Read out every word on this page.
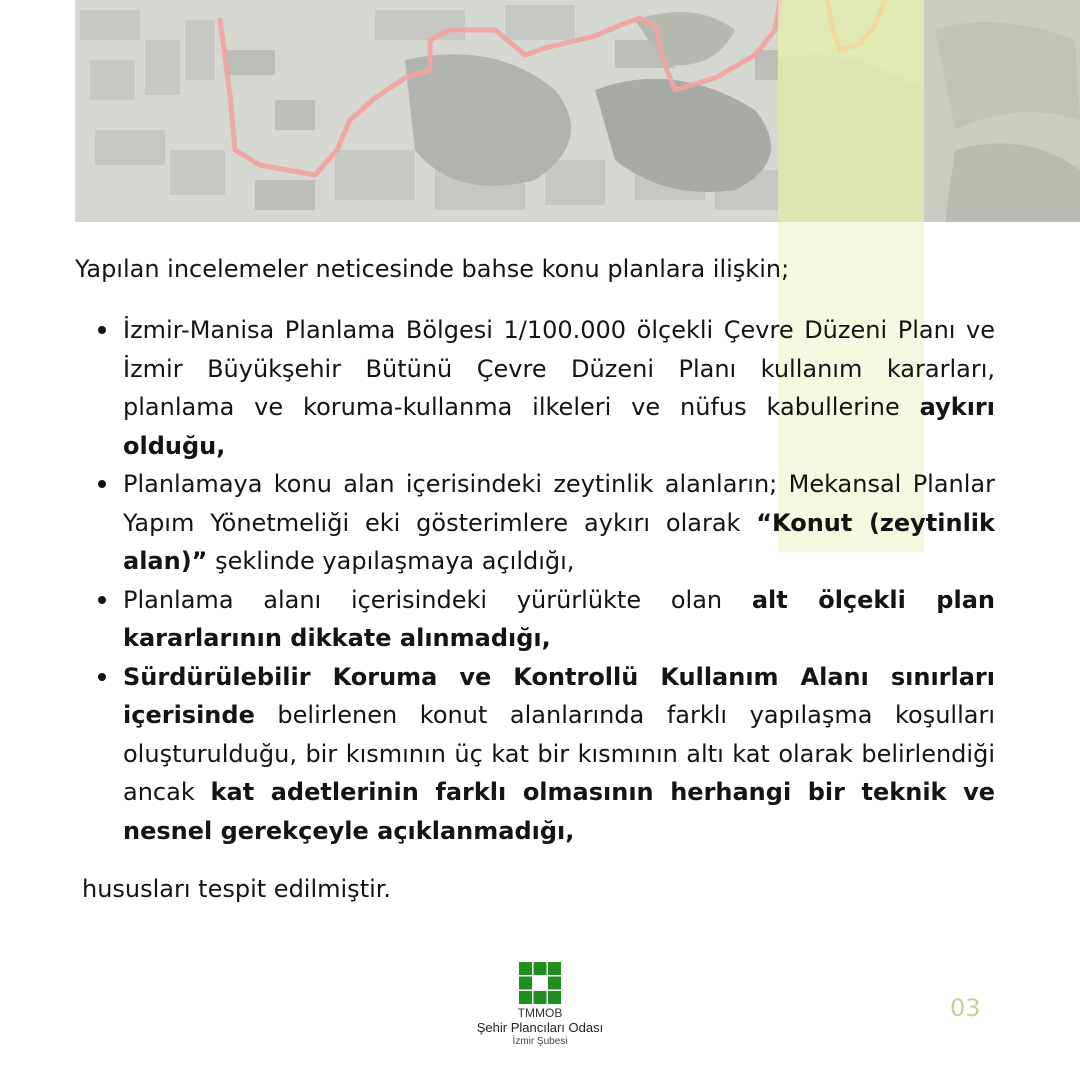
Yapılan incelemeler neticesinde bahse konu planlara ilişkin;

İzmir-Manisa Planlama Bölgesi 1/100.000 ölçekli Çevre Düzeni Planı ve İzmir Büyükşehir Bütünü Çevre Düzeni Planı kullanım kararları, planlama ve koruma-kullanma ilkeleri ve nüfus kabullerine aykırı olduğu,
Planlamaya konu alan içerisindeki zeytinlik alanların; Mekansal Planlar Yapım Yönetmeliği eki gösterimlere aykırı olarak “Konut (zeytinlik alan)” şeklinde yapılaşmaya açıldığı,
Planlama alanı içerisindeki yürürlükte olan alt ölçekli plan kararlarının dikkate alınmadığı,
Sürdürülebilir Koruma ve Kontrollü Kullanım Alanı sınırları içerisinde belirlenen konut alanlarında farklı yapılaşma koşulları oluşturulduğu, bir kısmının üç kat bir kısmının altı kat olarak belirlendiği ancak kat adetlerinin farklı olmasının herhangi bir teknik ve nesnel gerekçeyle açıklanmadığı,

hususları tespit edilmiştir.

TMMOB
Şehir Plancıları Odası
İzmir Şubesi
03
